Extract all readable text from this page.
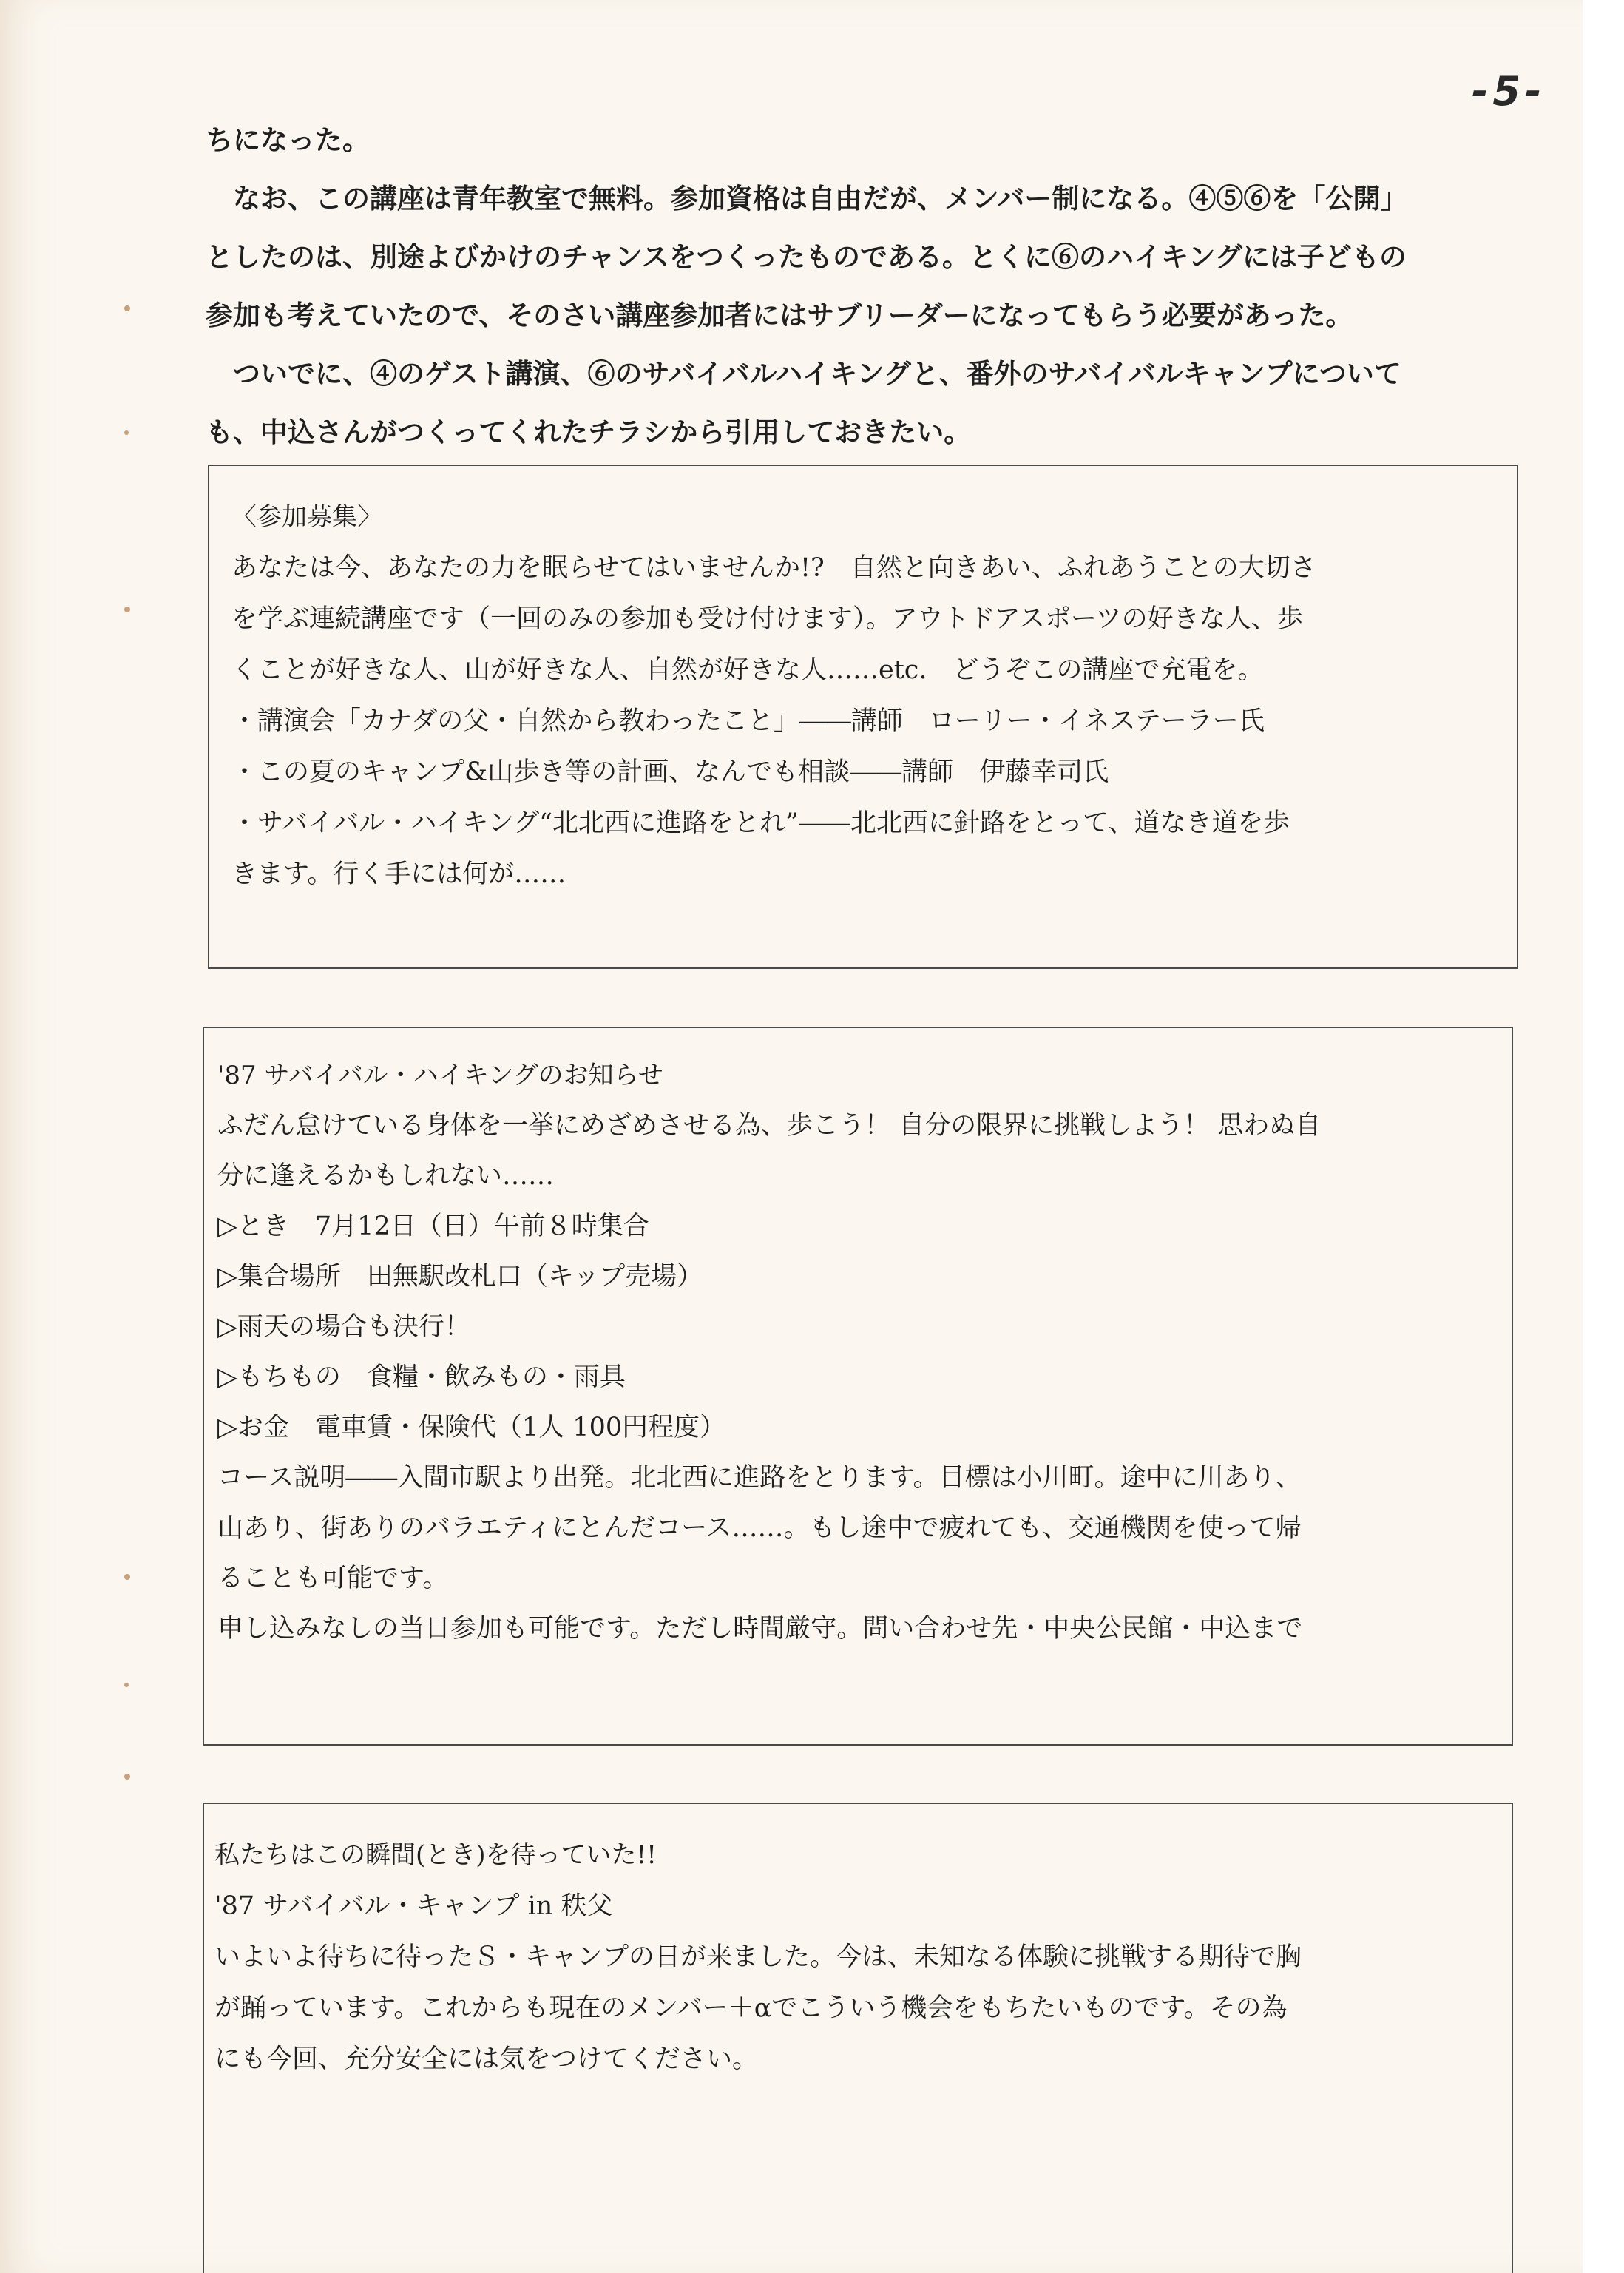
-5-

ちになった。

　なお、この講座は青年教室で無料。参加資格は自由だが、メンバー制になる。④⑤⑥を「公開」

としたのは、別途よびかけのチャンスをつくったものである。とくに⑥のハイキングには子どもの

参加も考えていたので、そのさい講座参加者にはサブリーダーになってもらう必要があった。

　ついでに、④のゲスト講演、⑥のサバイバルハイキングと、番外のサバイバルキャンプについて

も、中込さんがつくってくれたチラシから引用しておきたい。

〈参加募集〉

あなたは今、あなたの力を眠らせてはいませんか!?　自然と向きあい、ふれあうことの大切さ

を学ぶ連続講座です（一回のみの参加も受け付けます）。アウトドアスポーツの好きな人、歩

くことが好きな人、山が好きな人、自然が好きな人……etc.　どうぞこの講座で充電を。

・講演会「カナダの父・自然から教わったこと」――講師　ローリー・イネステーラー氏

・この夏のキャンプ&山歩き等の計画、なんでも相談――講師　伊藤幸司氏

・サバイバル・ハイキング“北北西に進路をとれ”――北北西に針路をとって、道なき道を歩

きます。行く手には何が……

'87 サバイバル・ハイキングのお知らせ

ふだん怠けている身体を一挙にめざめさせる為、歩こう！ 自分の限界に挑戦しよう！ 思わぬ自

分に逢えるかもしれない……

▷とき　7月12日（日）午前８時集合

▷集合場所　田無駅改札口（キップ売場）

▷雨天の場合も決行！

▷もちもの　食糧・飲みもの・雨具

▷お金　電車賃・保険代（1人 100円程度）

コース説明――入間市駅より出発。北北西に進路をとります。目標は小川町。途中に川あり、

山あり、街ありのバラエティにとんだコース……。もし途中で疲れても、交通機関を使って帰

ることも可能です。

申し込みなしの当日参加も可能です。ただし時間厳守。問い合わせ先・中央公民館・中込まで

私たちはこの瞬間(とき)を待っていた!!

'87 サバイバル・キャンプ in 秩父

いよいよ待ちに待ったＳ・キャンプの日が来ました。今は、未知なる体験に挑戦する期待で胸

が踊っています。これからも現在のメンバー＋αでこういう機会をもちたいものです。その為

にも今回、充分安全には気をつけてください。
